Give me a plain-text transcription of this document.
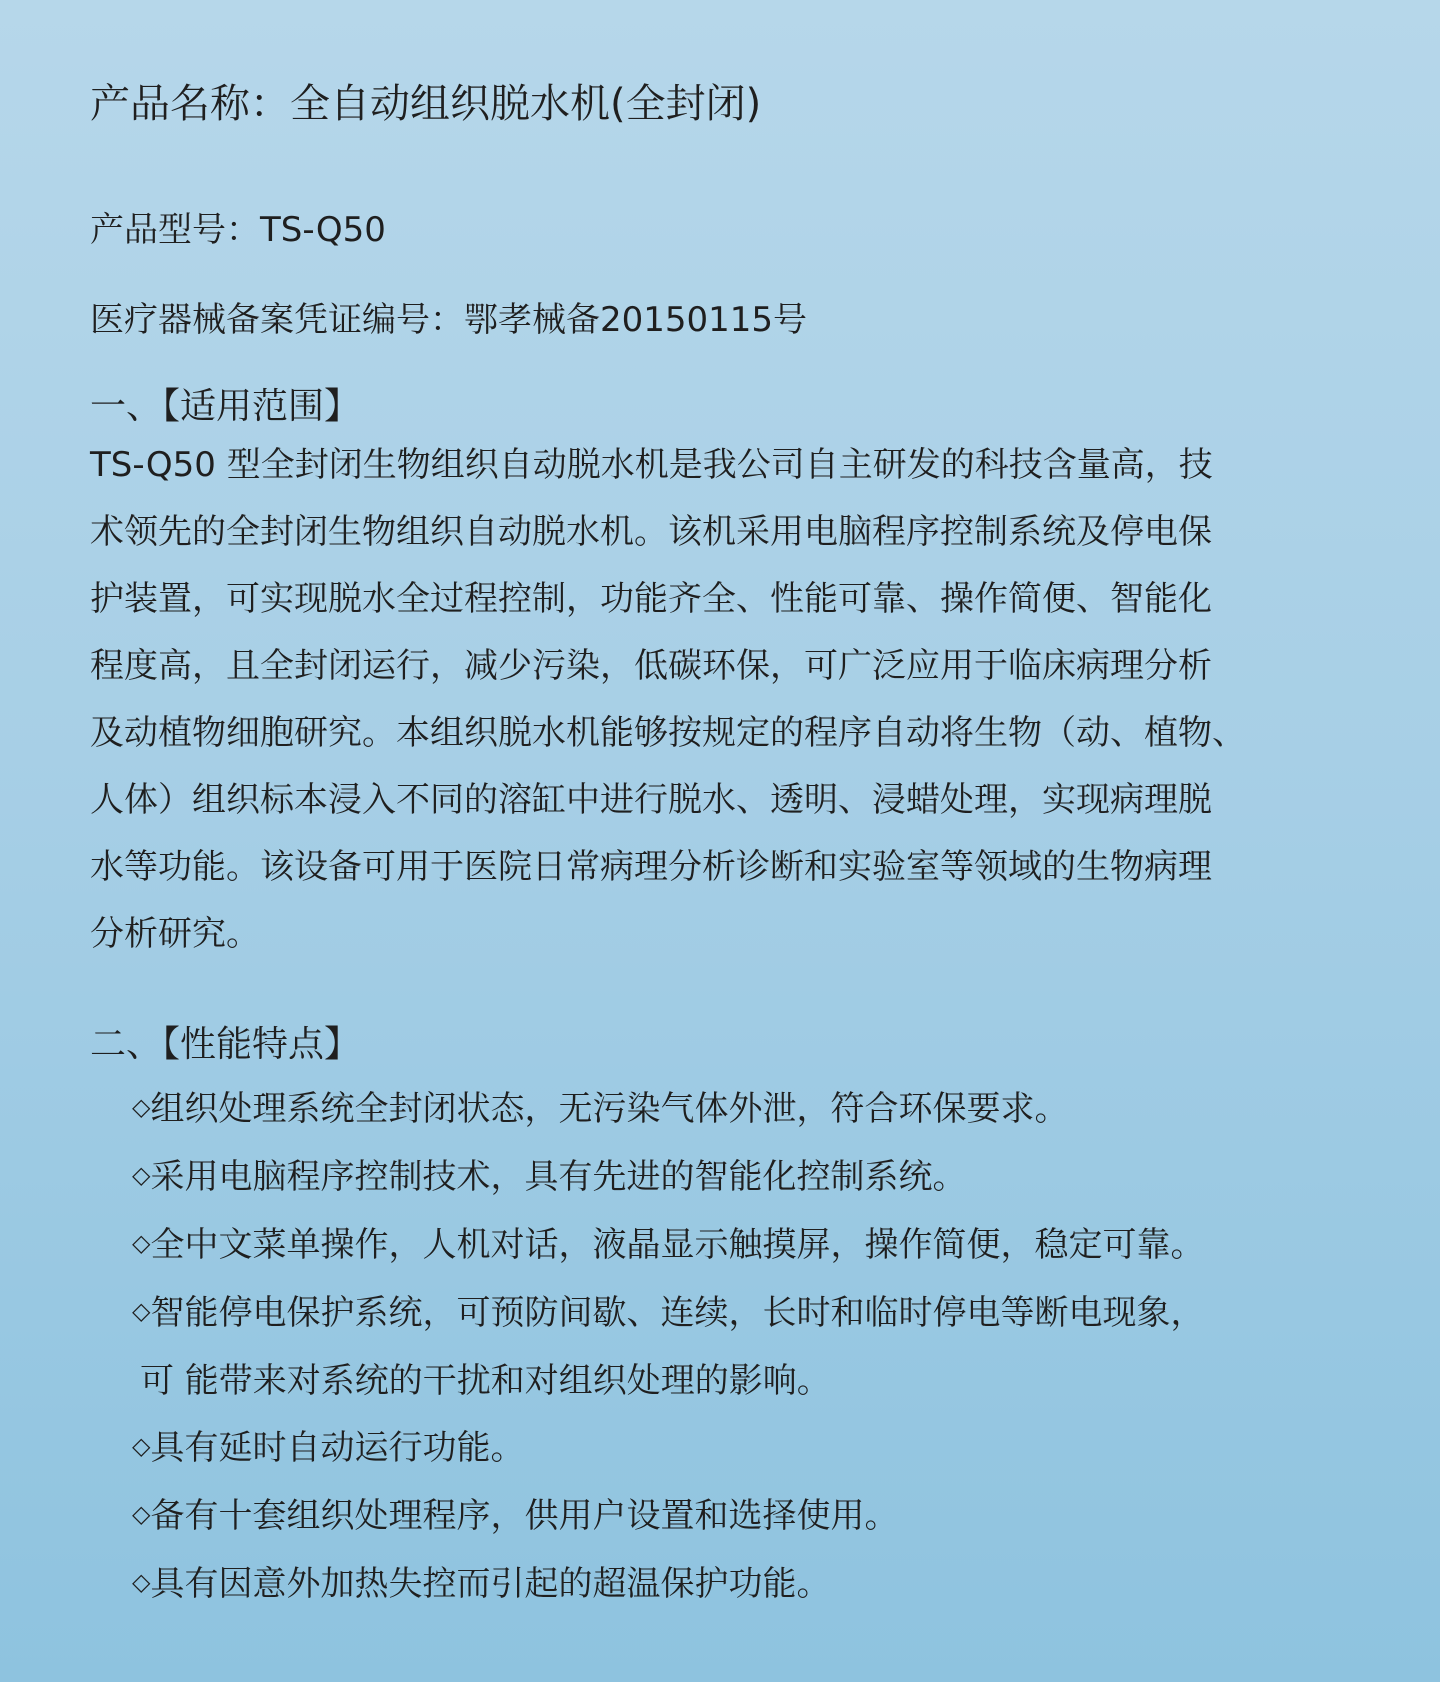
产品名称：全自动组织脱水机(全封闭)

产品型号：TS-Q50

医疗器械备案凭证编号：鄂孝械备20150115号

一、【适用范围】

TS-Q50 型全封闭生物组织自动脱水机是我公司自主研发的科技含量高，技

术领先的全封闭生物组织自动脱水机。该机采用电脑程序控制系统及停电保

护装置，可实现脱水全过程控制，功能齐全、性能可靠、操作简便、智能化

程度高，且全封闭运行，减少污染，低碳环保，可广泛应用于临床病理分析

及动植物细胞研究。本组织脱水机能够按规定的程序自动将生物（动、植物、

人体）组织标本浸入不同的溶缸中进行脱水、透明、浸蜡处理，实现病理脱

水等功能。该设备可用于医院日常病理分析诊断和实验室等领域的生物病理

分析研究。

二、【性能特点】
◇组织处理系统全封闭状态，无污染气体外泄，符合环保要求。
◇采用电脑程序控制技术，具有先进的智能化控制系统。
◇全中文菜单操作，人机对话，液晶显示触摸屏，操作简便，稳定可靠。
◇智能停电保护系统，可预防间歇、连续，长时和临时停电等断电现象，
可 能带来对系统的干扰和对组织处理的影响。
◇具有延时自动运行功能。
◇备有十套组织处理程序，供用户设置和选择使用。
◇具有因意外加热失控而引起的超温保护功能。
